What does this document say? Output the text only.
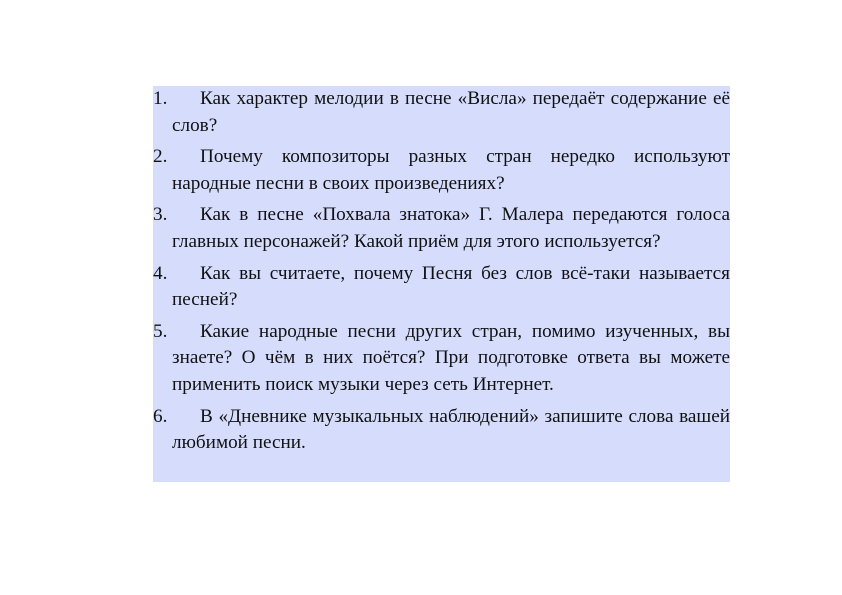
1.	Как характер мелодии в песне «Висла» передаёт содержание её слов?
2.	Почему композиторы разных стран нередко используют народные песни в своих произведениях?
3.	Как в песне «Похвала знатока» Г. Малера передаются голоса главных персонажей? Какой приём для этого используется?
4.	Как вы считаете, почему Песня без слов всё-таки называется песней?
5.	Какие народные песни других стран, помимо изученных, вы знаете? О чём в них поётся? При подготовке ответа вы можете применить поиск музыки через сеть Интернет.
6.	В «Дневнике музыкальных наблюдений» запишите слова вашей любимой песни.
